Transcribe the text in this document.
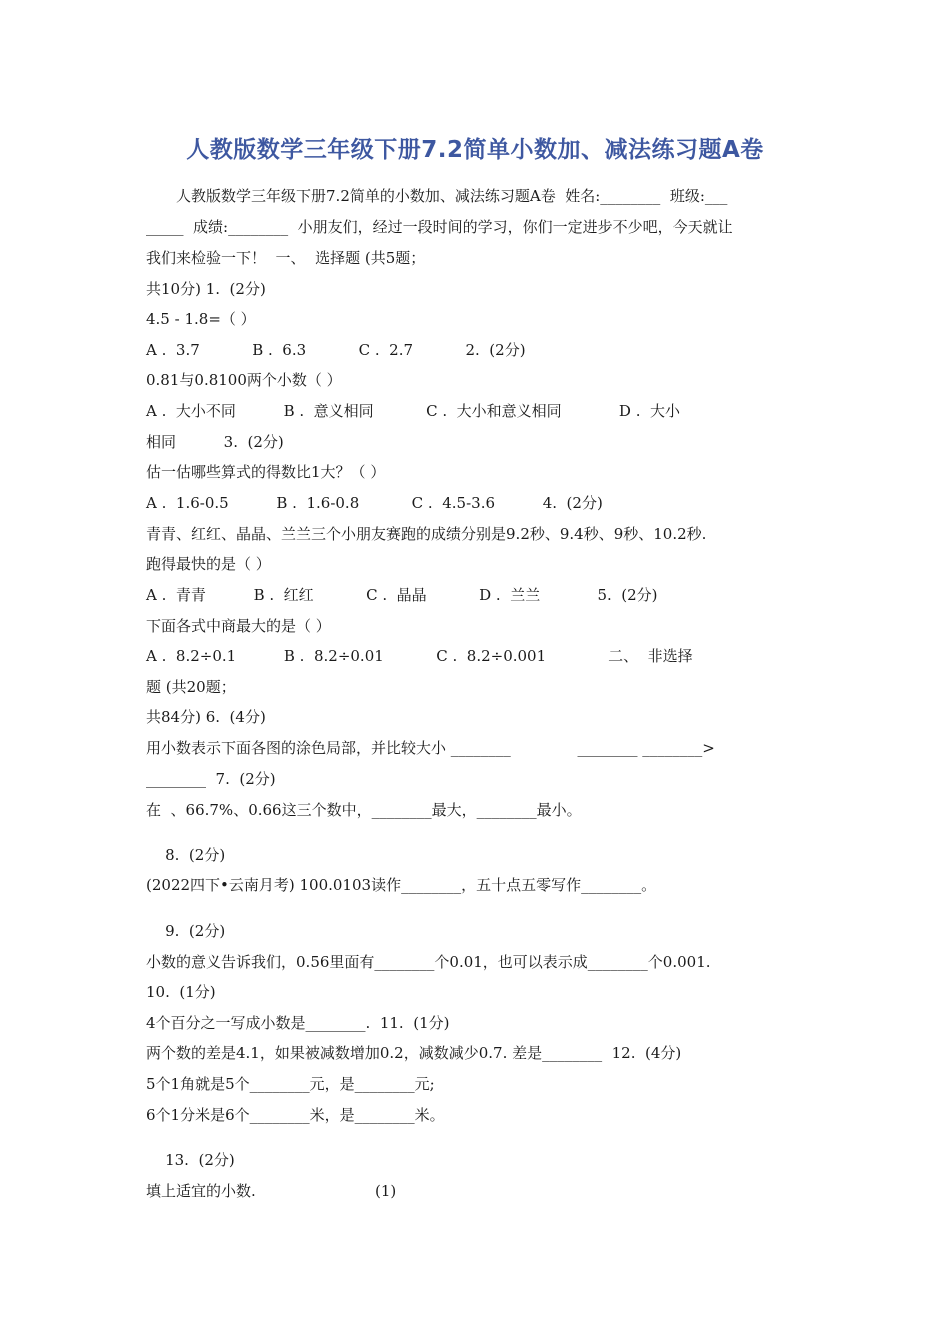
人教版数学三年级下册7.2简单小数加、减法练习题A卷
　　人教版数学三年级下册7.2简单的小数加、减法练习题A卷  姓名:________  班级:___
_____  成绩:________  小朋友们，经过一段时间的学习，你们一定进步不少吧，今天就让
我们来检验一下！  一、  选择题 (共5题；
共10分) 1.  (2分)
4.5 - 1.8=（ ）
A .  3.7           B .  6.3           C .  2.7           2.  (2分)
0.81与0.8100两个小数（ ）
A .  大小不同          B .  意义相同           C .  大小和意义相同            D .  大小
相同          3.  (2分)
估一估哪些算式的得数比1大？（ ）
A .  1.6-0.5          B .  1.6-0.8           C .  4.5-3.6          4.  (2分)
青青、红红、晶晶、兰兰三个小朋友赛跑的成绩分别是9.2秒、9.4秒、9秒、10.2秒.
跑得最快的是（ ）
A .  青青          B .  红红           C .  晶晶           D .  兰兰            5.  (2分)
下面各式中商最大的是（ ）
A .  8.2÷0.1          B .  8.2÷0.01           C .  8.2÷0.001             二、  非选择
题 (共20题；
共84分) 6.  (4分)
用小数表示下面各图的涂色局部，并比较大小 ________              ________ ________>
________  7.  (2分)
在  、66.7%、0.66这三个数中，________最大，________最小。
8.  (2分)
(2022四下•云南月考) 100.0103读作________，五十点五零写作________。
9.  (2分)
小数的意义告诉我们，0.56里面有________个0.01，也可以表示成________个0.001.
10.  (1分)
4个百分之一写成小数是________.  11.  (1分)
两个数的差是4.1，如果被减数增加0.2，减数减少0.7. 差是________  12.  (4分)
5个1角就是5个________元，是________元;
6个1分米是6个________米，是________米。
13.  (2分)
填上适宜的小数.                         (1)
